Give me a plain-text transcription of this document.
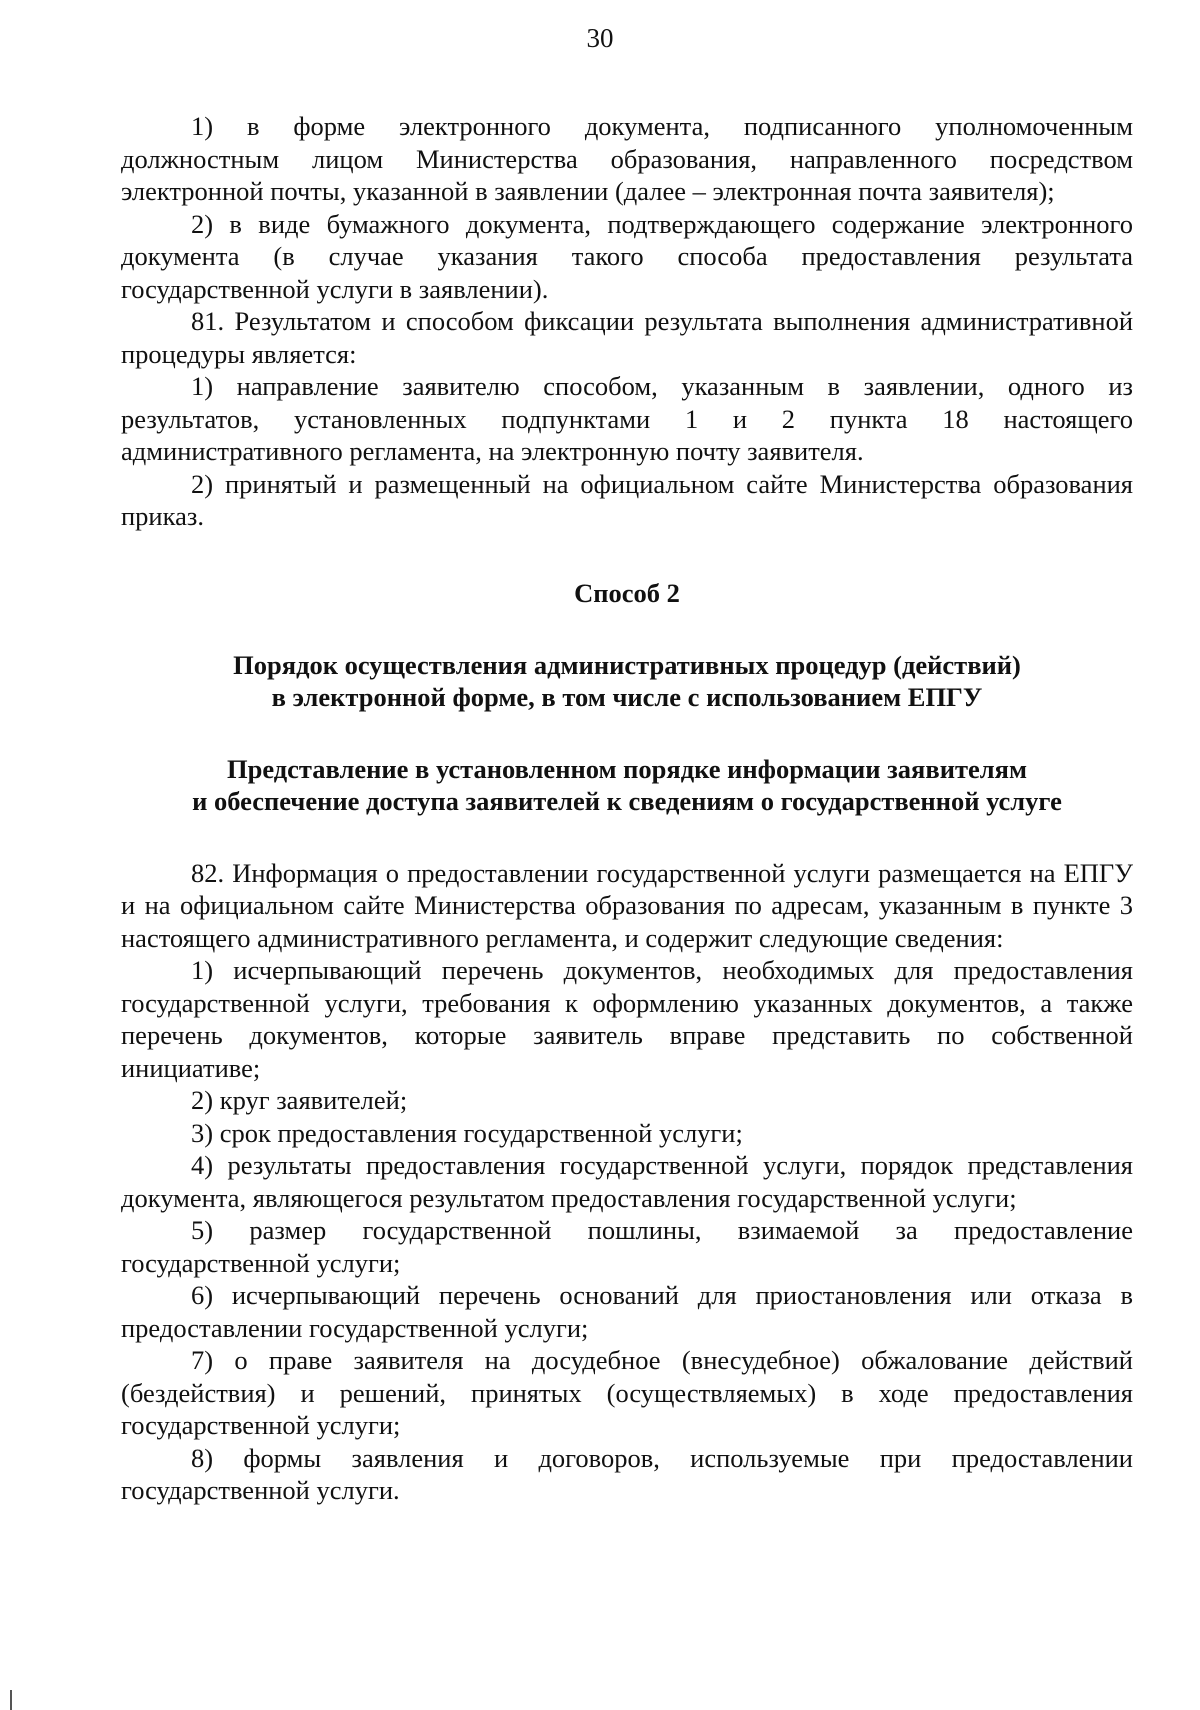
30

1) в форме электронного документа, подписанного уполномоченным должностным лицом Министерства образования, направленного посредством электронной почты, указанной в заявлении (далее – электронная почта заявителя);

2) в виде бумажного документа, подтверждающего содержание электронного документа (в случае указания такого способа предоставления результата государственной услуги в заявлении).

81. Результатом и способом фиксации результата выполнения административной процедуры является:

1) направление заявителю способом, указанным в заявлении, одного из результатов, установленных подпунктами 1 и 2 пункта 18 настоящего административного регламента, на электронную почту заявителя.

2) принятый и размещенный на официальном сайте Министерства образования приказ.

Способ 2
Порядок осуществления административных процедур (действий)
в электронной форме, в том числе с использованием ЕПГУ
Представление в установленном порядке информации заявителям
и обеспечение доступа заявителей к сведениям о государственной услуге

82. Информация о предоставлении государственной услуги размещается на ЕПГУ и на официальном сайте Министерства образования по адресам, указанным в пункте 3 настоящего административного регламента, и содержит следующие сведения:

1) исчерпывающий перечень документов, необходимых для предоставления государственной услуги, требования к оформлению указанных документов, а также перечень документов, которые заявитель вправе представить по собственной инициативе;

2) круг заявителей;

3) срок предоставления государственной услуги;

4) результаты предоставления государственной услуги, порядок представления документа, являющегося результатом предоставления государственной услуги;

5) размер государственной пошлины, взимаемой за предоставление государственной услуги;

6) исчерпывающий перечень оснований для приостановления или отказа в предоставлении государственной услуги;

7) о праве заявителя на досудебное (внесудебное) обжалование действий (бездействия) и решений, принятых (осуществляемых) в ходе предоставления государственной услуги;

8) формы заявления и договоров, используемые при предоставлении государственной услуги.
